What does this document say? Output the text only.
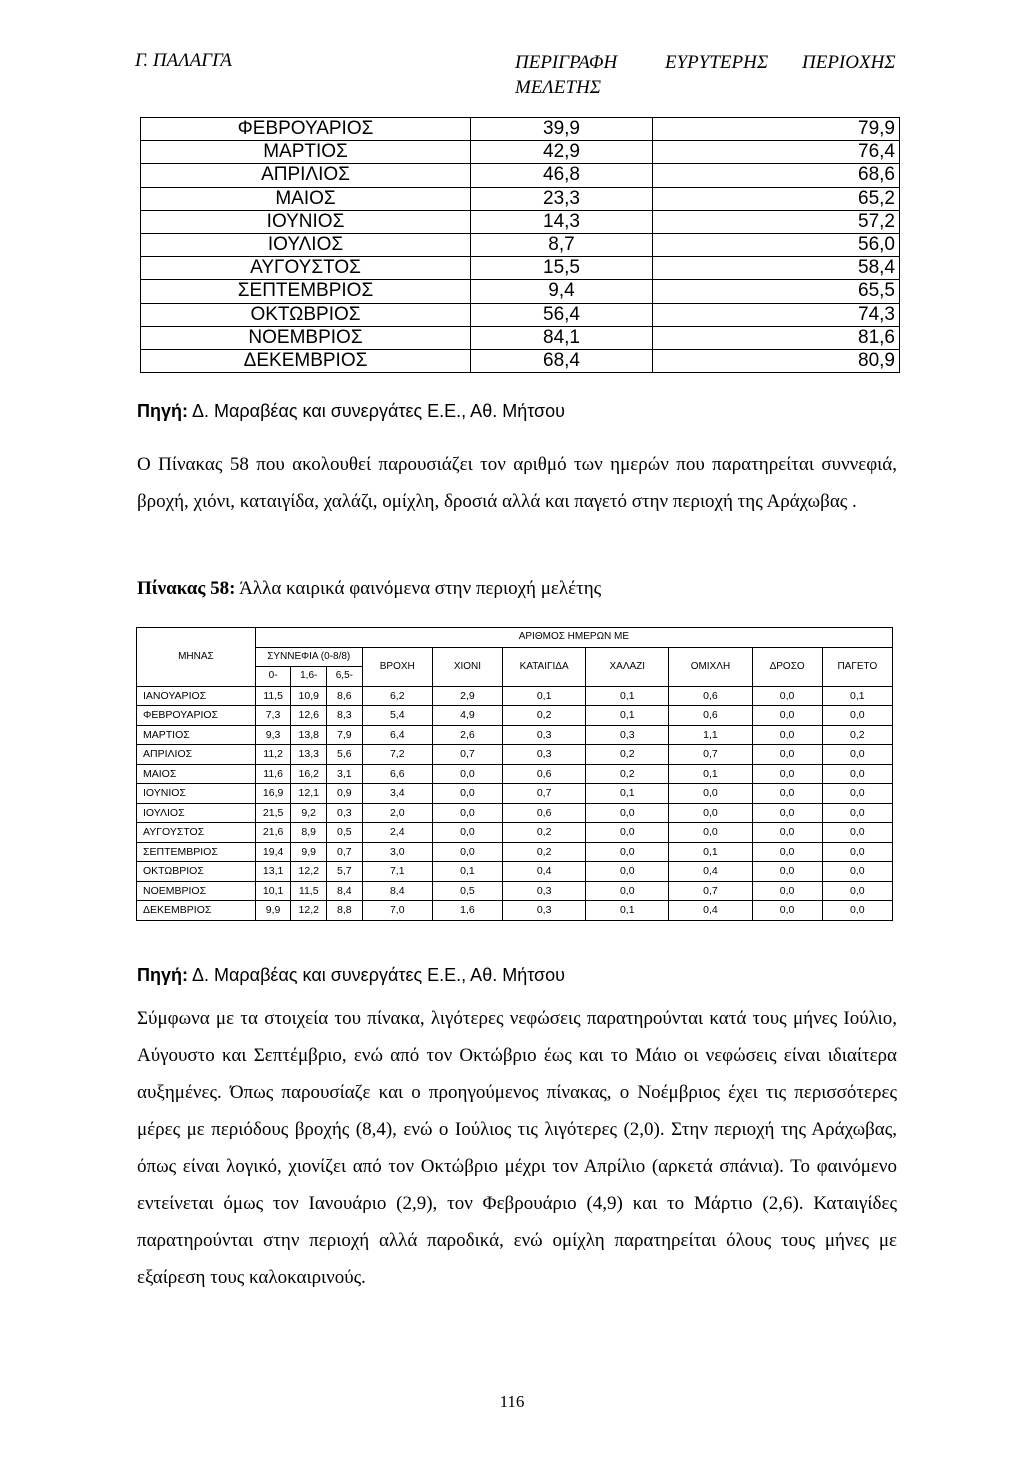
Γ. ΠΑΛΑΓΓΑ	ΠΕΡΙΓΡΑΦΗ	ΕΥΡΥΤΕΡΗΣ ΠΕΡΙΟΧΗΣ
ΜΕΛΕΤΗΣ
ΦΕΒΡΟΥΑΡΙΟΣ	39,9	79,9
ΜΑΡΤΙΟΣ	42,9	76,4
ΑΠΡΙΛΙΟΣ	46,8	68,6
ΜΑΙΟΣ	23,3	65,2
ΙΟΥΝΙΟΣ	14,3	57,2
ΙΟΥΛΙΟΣ	8,7	56,0
ΑΥΓΟΥΣΤΟΣ	15,5	58,4
ΣΕΠΤΕΜΒΡΙΟΣ	9,4	65,5
ΟΚΤΩΒΡΙΟΣ	56,4	74,3
ΝΟΕΜΒΡΙΟΣ	84,1	81,6
ΔΕΚΕΜΒΡΙΟΣ	68,4	80,9
Πηγή: Δ. Μαραβέας και συνεργάτες Ε.Ε., Αθ. Μήτσου
Ο Πίνακας 58 που ακολουθεί παρουσιάζει τον αριθμό των ημερών που παρατηρείται συννεφιά, βροχή, χιόνι, καταιγίδα, χαλάζι, ομίχλη, δροσιά αλλά και παγετό στην περιοχή της Αράχωβας .
Πίνακας 58: Άλλα καιρικά φαινόμενα στην περιοχή μελέτης
ΜΗΝΑΣ	ΑΡΙΘΜΟΣ ΗΜΕΡΩΝ ΜΕ									
	ΣΥΝΝΕΦΙΑ (0-8/8)			ΒΡΟΧΗ	ΧΙΟΝΙ	ΚΑΤΑΙΓΙΔΑ	ΧΑΛΑΖΙ	ΟΜΙΧΛΗ	ΔΡΟΣΟ	ΠΑΓΕΤΟ
	0-	1,6-	6,5-							
ΙΑΝΟΥΑΡΙΟΣ	11,5	10,9	8,6	6,2	2,9	0,1	0,1	0,6	0,0	0,1
ΦΕΒΡΟΥΑΡΙΟΣ	7,3	12,6	8,3	5,4	4,9	0,2	0,1	0,6	0,0	0,0
ΜΑΡΤΙΟΣ	9,3	13,8	7,9	6,4	2,6	0,3	0,3	1,1	0,0	0,2
ΑΠΡΙΛΙΟΣ	11,2	13,3	5,6	7,2	0,7	0,3	0,2	0,7	0,0	0,0
ΜΑΙΟΣ	11,6	16,2	3,1	6,6	0,0	0,6	0,2	0,1	0,0	0,0
ΙΟΥΝΙΟΣ	16,9	12,1	0,9	3,4	0,0	0,7	0,1	0,0	0,0	0,0
ΙΟΥΛΙΟΣ	21,5	9,2	0,3	2,0	0,0	0,6	0,0	0,0	0,0	0,0
ΑΥΓΟΥΣΤΟΣ	21,6	8,9	0,5	2,4	0,0	0,2	0,0	0,0	0,0	0,0
ΣΕΠΤΕΜΒΡΙΟΣ	19,4	9,9	0,7	3,0	0,0	0,2	0,0	0,1	0,0	0,0
ΟΚΤΩΒΡΙΟΣ	13,1	12,2	5,7	7,1	0,1	0,4	0,0	0,4	0,0	0,0
ΝΟΕΜΒΡΙΟΣ	10,1	11,5	8,4	8,4	0,5	0,3	0,0	0,7	0,0	0,0
ΔΕΚΕΜΒΡΙΟΣ	9,9	12,2	8,8	7,0	1,6	0,3	0,1	0,4	0,0	0,0
Πηγή: Δ. Μαραβέας και συνεργάτες Ε.Ε., Αθ. Μήτσου
Σύμφωνα με τα στοιχεία του πίνακα, λιγότερες νεφώσεις παρατηρούνται κατά τους μήνες Ιούλιο, Αύγουστο και Σεπτέμβριο, ενώ από τον Οκτώβριο έως και το Μάιο οι νεφώσεις είναι ιδιαίτερα αυξημένες. Όπως παρουσίαζε και ο προηγούμενος πίνακας, ο Νοέμβριος έχει τις περισσότερες μέρες με περιόδους βροχής (8,4), ενώ ο Ιούλιος τις λιγότερες (2,0). Στην περιοχή της Αράχωβας, όπως είναι λογικό, χιονίζει από τον Οκτώβριο μέχρι τον Απρίλιο (αρκετά σπάνια). Το φαινόμενο εντείνεται όμως τον Ιανουάριο (2,9), τον Φεβρουάριο (4,9) και το Μάρτιο (2,6). Καταιγίδες παρατηρούνται στην περιοχή αλλά παροδικά, ενώ ομίχλη παρατηρείται όλους τους μήνες με εξαίρεση τους καλοκαιρινούς.
116
